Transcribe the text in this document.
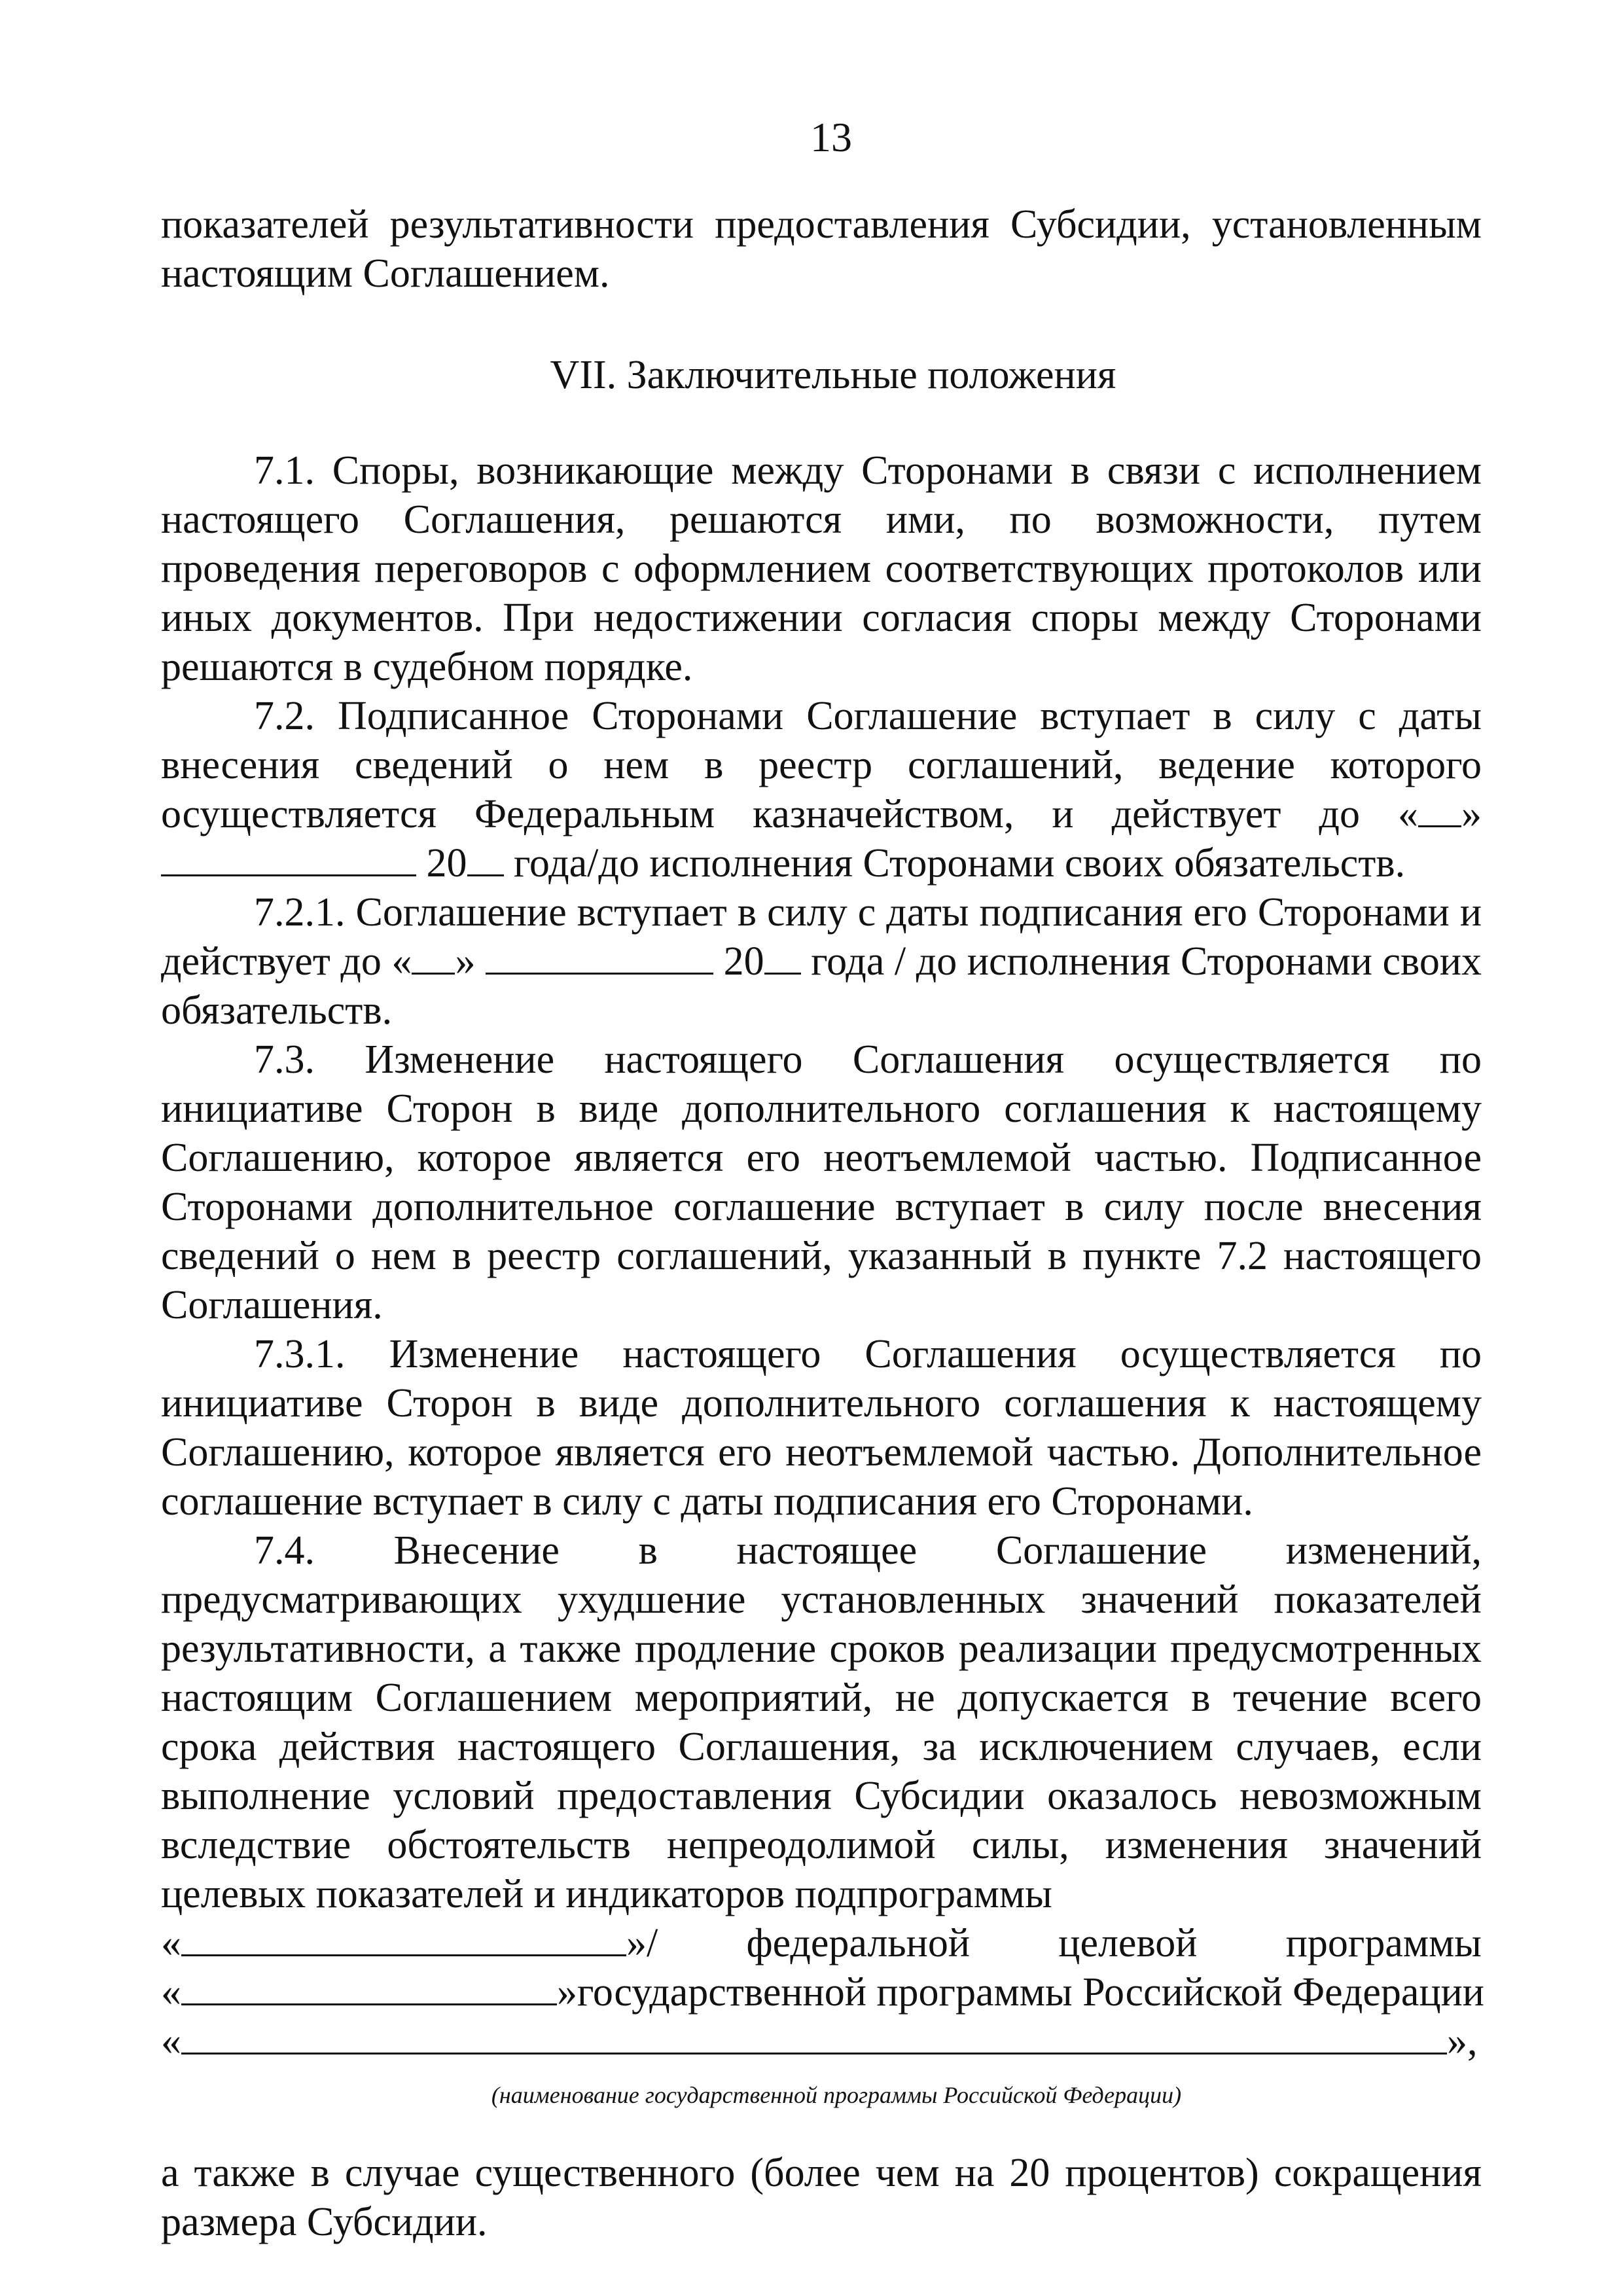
13

показателей результативности предоставления Субсидии, установленным настоящим Соглашением.

VII. Заключительные положения

7.1. Споры, возникающие между Сторонами в связи с исполнением настоящего Соглашения, решаются ими, по возможности, путем проведения переговоров с оформлением соответствующих протоколов или иных документов. При недостижении согласия споры между Сторонами решаются в судебном порядке.

7.2. Подписанное Сторонами Соглашение вступает в силу с даты внесения сведений о нем в реестр соглашений, ведение которого осуществляется Федеральным казначейством, и действует до « »  20 года/до исполнения Сторонами своих обязательств.

7.2.1. Соглашение вступает в силу с даты подписания его Сторонами и действует до « »	20 года / до исполнения Сторонами своих обязательств.

7.3. Изменение настоящего Соглашения осуществляется по инициативе Сторон в виде дополнительного соглашения к настоящему Соглашению, которое является его неотъемлемой частью. Подписанное Сторонами дополнительное соглашение вступает в силу после внесения сведений о нем в реестр соглашений, указанный в пункте 7.2 настоящего Соглашения.

7.3.1. Изменение настоящего Соглашения осуществляется по инициативе Сторон в виде дополнительного соглашения к настоящему Соглашению, которое является его неотъемлемой частью. Дополнительное соглашение вступает в силу с даты подписания его Сторонами.

7.4. Внесение в настоящее Соглашение изменений, предусматривающих ухудшение установленных значений показателей результативности, а также продление сроков реализации предусмотренных настоящим Соглашением мероприятий, не допускается в течение всего срока действия настоящего Соглашения, за исключением случаев, если выполнение условий предоставления Субсидии оказалось невозможным вследствие обстоятельств непреодолимой силы, изменения значений целевых показателей и индикаторов подпрограммы

«	»/ федеральной целевой программы
«	» государственной программы Российской Федерации
«	»,
(наименование государственной программы Российской Федерации)

а также в случае существенного (более чем на 20 процентов) сокращения размера Субсидии.
